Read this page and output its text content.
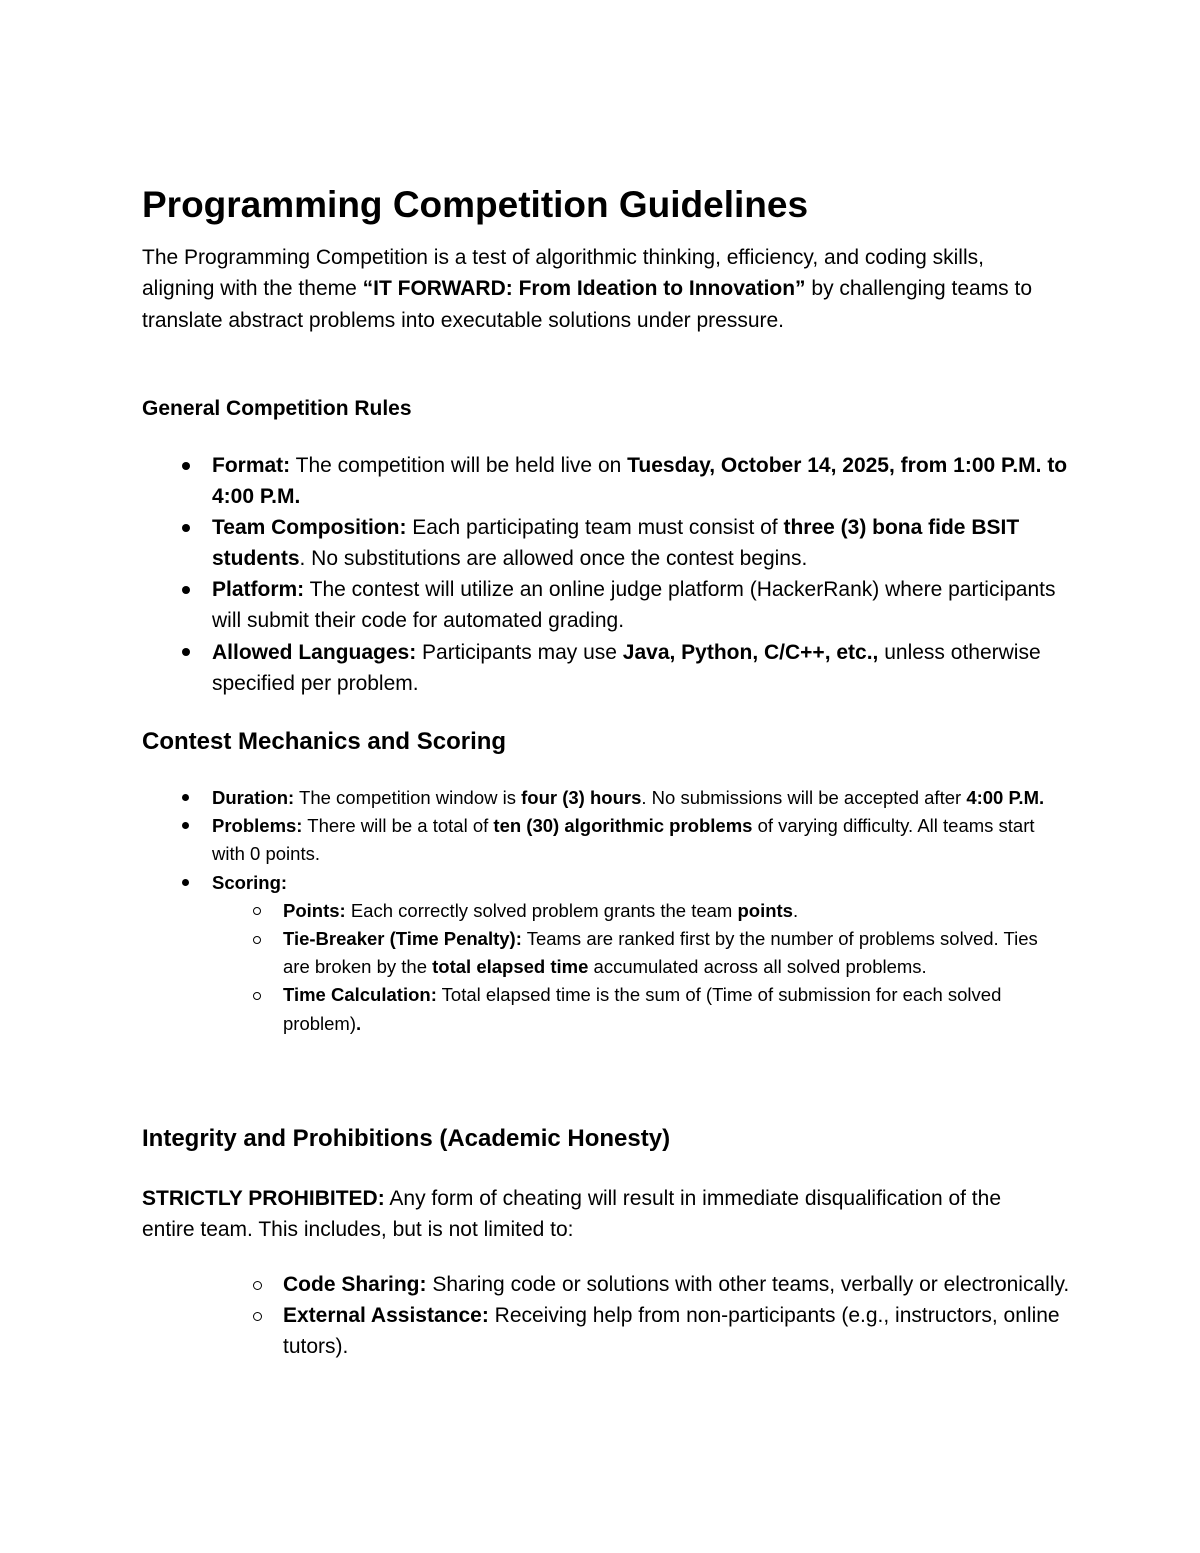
Programming Competition Guidelines

The Programming Competition is a test of algorithmic thinking, efficiency, and coding skills, aligning with the theme “IT FORWARD: From Ideation to Innovation” by challenging teams to translate abstract problems into executable solutions under pressure.

General Competition Rules

Format: The competition will be held live on Tuesday, October 14, 2025, from 1:00 P.M. to 4:00 P.M.
Team Composition: Each participating team must consist of three (3) bona fide BSIT students. No substitutions are allowed once the contest begins.
Platform: The contest will utilize an online judge platform (HackerRank) where participants will submit their code for automated grading.
Allowed Languages: Participants may use Java, Python, C/C++, etc., unless otherwise specified per problem.

Contest Mechanics and Scoring

Duration: The competition window is four (3) hours. No submissions will be accepted after 4:00 P.M.
Problems: There will be a total of ten (30) algorithmic problems of varying difficulty. All teams start with 0 points.
Scoring:
Points: Each correctly solved problem grants the team points.
Tie-Breaker (Time Penalty): Teams are ranked first by the number of problems solved. Ties are broken by the total elapsed time accumulated across all solved problems.
Time Calculation: Total elapsed time is the sum of (Time of submission for each solved problem).

Integrity and Prohibitions (Academic Honesty)

STRICTLY PROHIBITED: Any form of cheating will result in immediate disqualification of the entire team. This includes, but is not limited to:

Code Sharing: Sharing code or solutions with other teams, verbally or electronically.
External Assistance: Receiving help from non-participants (e.g., instructors, online tutors).
